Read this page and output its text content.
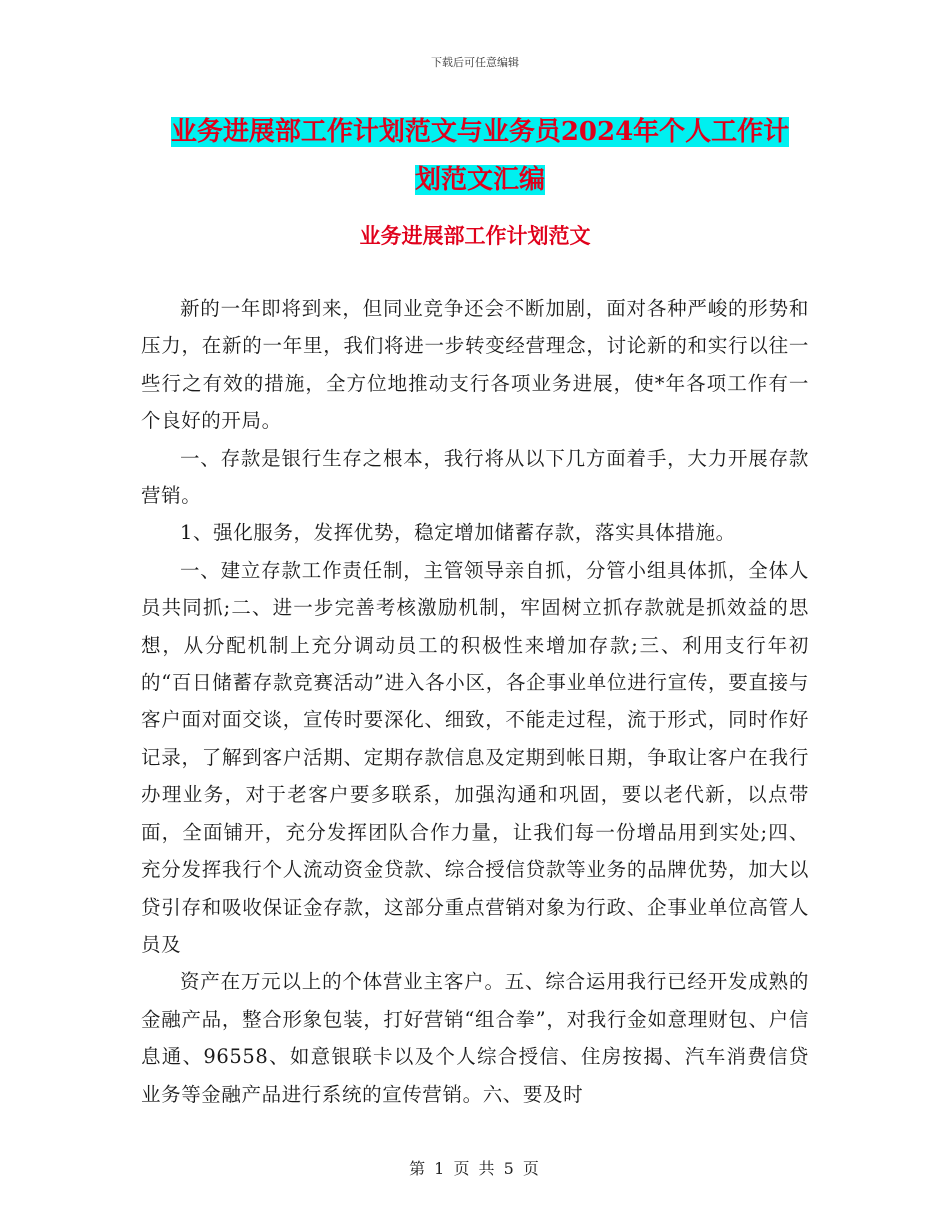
下载后可任意编辑
业务进展部工作计划范文与业务员2024年个人工作计
划范文汇编
业务进展部工作计划范文

新的一年即将到来，但同业竞争还会不断加剧，面对各种严峻的形势和压力，在新的一年里，我们将进一步转变经营理念，讨论新的和实行以往一些行之有效的措施，全方位地推动支行各项业务进展，使*年各项工作有一个良好的开局。

一、存款是银行生存之根本，我行将从以下几方面着手，大力开展存款营销。

1、强化服务，发挥优势，稳定增加储蓄存款，落实具体措施。

一、建立存款工作责任制，主管领导亲自抓，分管小组具体抓，全体人员共同抓;二、进一步完善考核激励机制，牢固树立抓存款就是抓效益的思想，从分配机制上充分调动员工的积极性来增加存款;三、利用支行年初的“百日储蓄存款竞赛活动”进入各小区，各企事业单位进行宣传，要直接与客户面对面交谈，宣传时要深化、细致，不能走过程，流于形式，同时作好记录，了解到客户活期、定期存款信息及定期到帐日期，争取让客户在我行办理业务，对于老客户要多联系，加强沟通和巩固，要以老代新，以点带面，全面铺开，充分发挥团队合作力量，让我们每一份增品用到实处;四、充分发挥我行个人流动资金贷款、综合授信贷款等业务的品牌优势，加大以贷引存和吸收保证金存款，这部分重点营销对象为行政、企事业单位高管人员及

资产在万元以上的个体营业主客户。五、综合运用我行已经开发成熟的金融产品，整合形象包装，打好营销“组合拳”，对我行金如意理财包、户信息通、96558、如意银联卡以及个人综合授信、住房按揭、汽车消费信贷业务等金融产品进行系统的宣传营销。六、要及时

第 1 页 共 5 页
